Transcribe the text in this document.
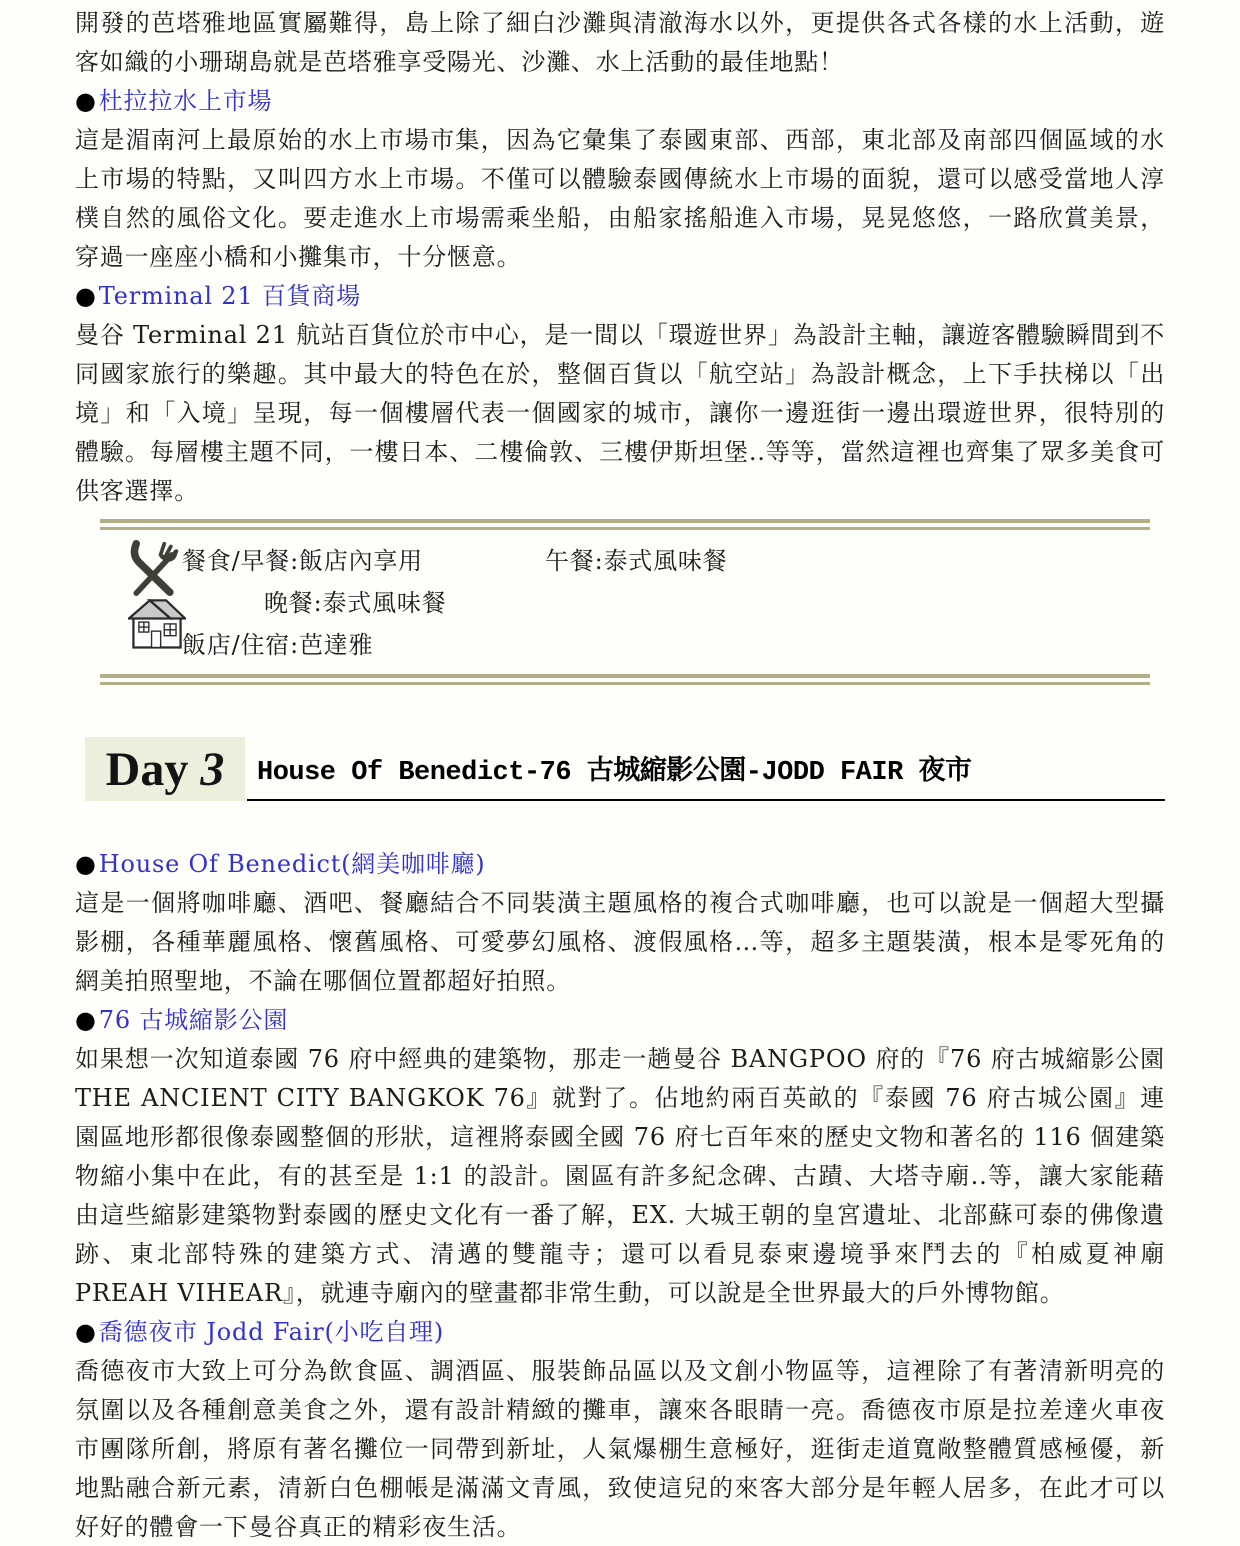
開發的芭塔雅地區實屬難得，島上除了細白沙灘與清澈海水以外，更提供各式各樣的水上活動，遊客如織的小珊瑚島就是芭塔雅享受陽光、沙灘、水上活動的最佳地點！

●杜拉拉水上市場

這是湄南河上最原始的水上市場市集，因為它彙集了泰國東部、西部，東北部及南部四個區域的水上市場的特點，又叫四方水上市場。不僅可以體驗泰國傳統水上市場的面貌，還可以感受當地人淳樸自然的風俗文化。要走進水上市場需乘坐船，由船家搖船進入市場，晃晃悠悠，一路欣賞美景，穿過一座座小橋和小攤集市，十分愜意。

●Terminal 21 百貨商場

曼谷 Terminal 21 航站百貨位於市中心，是一間以「環遊世界」為設計主軸，讓遊客體驗瞬間到不同國家旅行的樂趣。其中最大的特色在於，整個百貨以「航空站」為設計概念，上下手扶梯以「出境」和「入境」呈現，每一個樓層代表一個國家的城市，讓你一邊逛街一邊出環遊世界，很特別的體驗。每層樓主題不同，一樓日本、二樓倫敦、三樓伊斯坦堡..等等，當然這裡也齊集了眾多美食可供客選擇。

餐食/早餐:飯店內享用	午餐:泰式風味餐
晚餐:泰式風味餐
飯店/住宿:芭達雅
Day 3 House Of Benedict-76 古城縮影公園-JODD FAIR 夜市
●House Of Benedict(網美咖啡廳)

這是一個將咖啡廳、酒吧、餐廳結合不同裝潢主題風格的複合式咖啡廳，也可以說是一個超大型攝影棚，各種華麗風格、懷舊風格、可愛夢幻風格、渡假風格…等，超多主題裝潢，根本是零死角的網美拍照聖地，不論在哪個位置都超好拍照。

●76 古城縮影公園

如果想一次知道泰國 76 府中經典的建築物，那走一趟曼谷 BANGPOO 府的『76 府古城縮影公園 THE ANCIENT CITY BANGKOK 76』就對了。佔地約兩百英畝的『泰國 76 府古城公園』連園區地形都很像泰國整個的形狀，這裡將泰國全國 76 府七百年來的歷史文物和著名的 116 個建築物縮小集中在此，有的甚至是 1:1 的設計。園區有許多紀念碑、古蹟、大塔寺廟..等，讓大家能藉由這些縮影建築物對泰國的歷史文化有一番了解，EX. 大城王朝的皇宮遺址、北部蘇可泰的佛像遺跡、東北部特殊的建築方式、清邁的雙龍寺；還可以看見泰柬邊境爭來鬥去的『柏威夏神廟 PREAH VIHEAR』，就連寺廟內的壁畫都非常生動，可以說是全世界最大的戶外博物館。

●喬德夜市 Jodd Fair(小吃自理)

喬德夜市大致上可分為飲食區、調酒區、服裝飾品區以及文創小物區等，這裡除了有著清新明亮的氛圍以及各種創意美食之外，還有設計精緻的攤車，讓來各眼睛一亮。喬德夜市原是拉差達火車夜市團隊所創，將原有著名攤位一同帶到新址，人氣爆棚生意極好，逛街走道寬敞整體質感極優，新地點融合新元素，清新白色棚帳是滿滿文青風，致使這兒的來客大部分是年輕人居多，在此才可以好好的體會一下曼谷真正的精彩夜生活。
